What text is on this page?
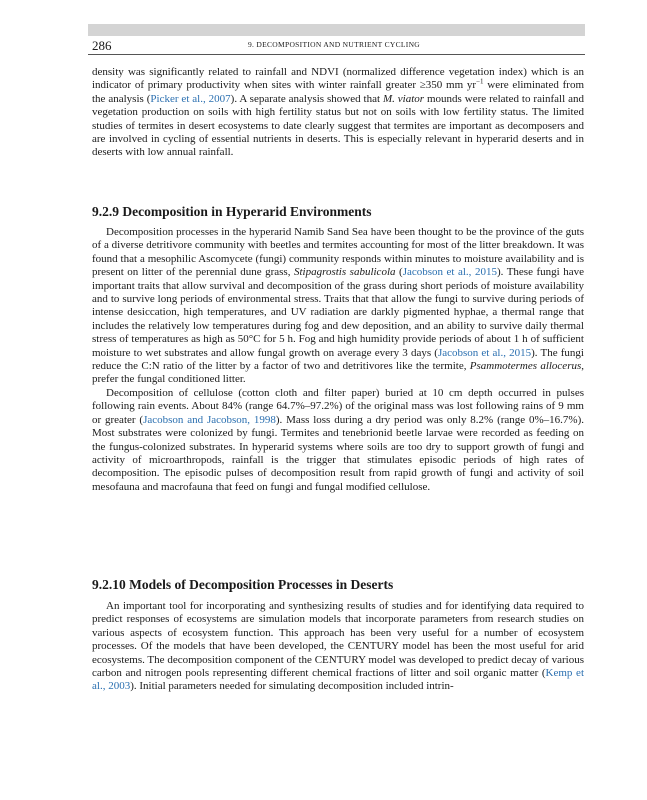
286	9. DECOMPOSITION AND NUTRIENT CYCLING

density was significantly related to rainfall and NDVI (normalized difference vegetation index) which is an indicator of primary productivity when sites with winter rainfall greater ≥350 mm $yr^{-1}$ were eliminated from the analysis (Picker et al., 2007). A separate analysis showed that M. viator mounds were related to rainfall and vegetation production on soils with high fertility status but not on soils with low fertility status. The limited studies of termites in desert ecosystems to date clearly suggest that termites are important as decomposers and are involved in cycling of essential nutrients in deserts. This is especially relevant in hyperarid deserts and in deserts with low annual rainfall.

9.2.9 Decomposition in Hyperarid Environments

Decomposition processes in the hyperarid Namib Sand Sea have been thought to be the province of the guts of a diverse detritivore community with beetles and termites accounting for most of the litter breakdown. It was found that a mesophilic Ascomycete (fungi) community responds within minutes to moisture availability and is present on litter of the perennial dune grass, Stipagrostis sabulicola (Jacobson et al., 2015). These fungi have important traits that allow survival and decomposition of the grass during short periods of moisture availability and to survive long periods of environmental stress. Traits that that allow the fungi to survive during periods of intense desiccation, high temperatures, and UV radiation are darkly pigmented hyphae, a thermal range that includes the relatively low temperatures during fog and dew deposition, and an ability to survive daily thermal stress of temperatures as high as 50°C for 5 h. Fog and high humidity provide periods of about 1 h of sufficient moisture to wet substrates and allow fungal growth on average every 3 days (Jacobson et al., 2015). The fungi reduce the C:N ratio of the litter by a factor of two and detritivores like the termite, Psammotermes allocerus, prefer the fungal conditioned litter.

Decomposition of cellulose (cotton cloth and filter paper) buried at 10 cm depth occurred in pulses following rain events. About 84% (range 64.7%–97.2%) of the original mass was lost following rains of 9 mm or greater (Jacobson and Jacobson, 1998). Mass loss during a dry period was only 8.2% (range 0%–16.7%). Most substrates were colonized by fungi. Termites and tenebrionid beetle larvae were recorded as feeding on the fungus-colonized substrates. In hyperarid systems where soils are too dry to support growth of fungi and activity of microarthropods, rainfall is the trigger that stimulates episodic periods of high rates of decomposition. The episodic pulses of decomposition result from rapid growth of fungi and activity of soil mesofauna and macrofauna that feed on fungi and fungal modified cellulose.

9.2.10 Models of Decomposition Processes in Deserts

An important tool for incorporating and synthesizing results of studies and for identifying data required to predict responses of ecosystems are simulation models that incorporate parameters from research studies on various aspects of ecosystem function. This approach has been very useful for a number of ecosystem processes. Of the models that have been developed, the CENTURY model has been the most useful for arid ecosystems. The decomposition component of the CENTURY model was developed to predict decay of various carbon and nitrogen pools representing different chemical fractions of litter and soil organic matter (Kemp et al., 2003). Initial parameters needed for simulating decomposition included intrin-
